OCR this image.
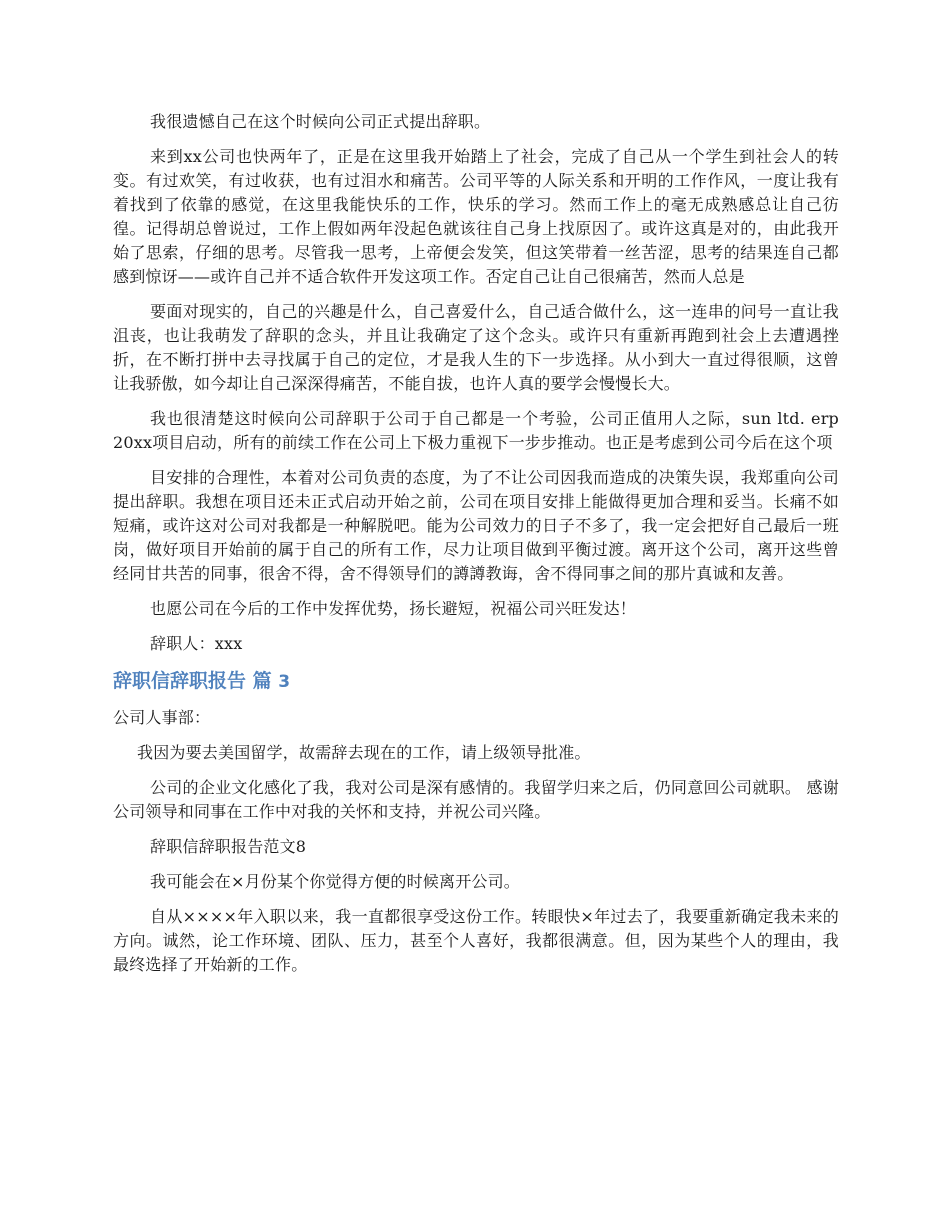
我很遗憾自己在这个时候向公司正式提出辞职。

来到xx公司也快两年了，正是在这里我开始踏上了社会，完成了自己从一个学生到社会人的转变。有过欢笑，有过收获，也有过泪水和痛苦。公司平等的人际关系和开明的工作作风，一度让我有着找到了依靠的感觉，在这里我能快乐的工作，快乐的学习。然而工作上的毫无成熟感总让自己彷徨。记得胡总曾说过，工作上假如两年没起色就该往自己身上找原因了。或许这真是对的，由此我开始了思索，仔细的思考。尽管我一思考，上帝便会发笑，但这笑带着一丝苦涩，思考的结果连自己都感到惊讶——或许自己并不适合软件开发这项工作。否定自己让自己很痛苦，然而人总是

要面对现实的，自己的兴趣是什么，自己喜爱什么，自己适合做什么，这一连串的问号一直让我沮丧，也让我萌发了辞职的念头，并且让我确定了这个念头。或许只有重新再跑到社会上去遭遇挫折，在不断打拼中去寻找属于自己的定位，才是我人生的下一步选择。从小到大一直过得很顺，这曾让我骄傲，如今却让自己深深得痛苦，不能自拔，也许人真的要学会慢慢长大。

我也很清楚这时候向公司辞职于公司于自己都是一个考验，公司正值用人之际，sun ltd. erp 20xx项目启动，所有的前续工作在公司上下极力重视下一步步推动。也正是考虑到公司今后在这个项

目安排的合理性，本着对公司负责的态度，为了不让公司因我而造成的决策失误，我郑重向公司提出辞职。我想在项目还未正式启动开始之前，公司在项目安排上能做得更加合理和妥当。长痛不如短痛，或许这对公司对我都是一种解脱吧。能为公司效力的日子不多了，我一定会把好自己最后一班岗，做好项目开始前的属于自己的所有工作，尽力让项目做到平衡过渡。离开这个公司，离开这些曾经同甘共苦的同事，很舍不得，舍不得领导们的譐譐教诲，舍不得同事之间的那片真诚和友善。

也愿公司在今后的工作中发挥优势，扬长避短，祝福公司兴旺发达！

辞职人：xxx

辞职信辞职报告 篇 3

公司人事部：

我因为要去美国留学，故需辞去现在的工作，请上级领导批准。

公司的企业文化感化了我，我对公司是深有感情的。我留学归来之后，仍同意回公司就职。 感谢公司领导和同事在工作中对我的关怀和支持，并祝公司兴隆。

辞职信辞职报告范文8

我可能会在×月份某个你觉得方便的时候离开公司。

自从××××年入职以来，我一直都很享受这份工作。转眼快×年过去了，我要重新确定我未来的方向。诚然，论工作环境、团队、压力，甚至个人喜好，我都很满意。但，因为某些个人的理由，我最终选择了开始新的工作。
